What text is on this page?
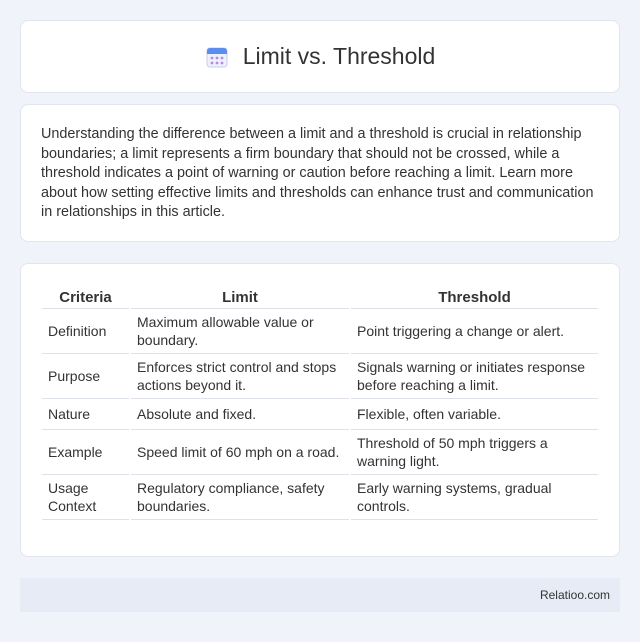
Limit vs. Threshold

Understanding the difference between a limit and a threshold is crucial in relationship boundaries; a limit represents a firm boundary that should not be crossed, while a threshold indicates a point of warning or caution before reaching a limit. Learn more about how setting effective limits and thresholds can enhance trust and communication in relationships in this article.

Criteria	Limit	Threshold
Definition	Maximum allowable value or boundary.	Point triggering a change or alert.
Purpose	Enforces strict control and stops actions beyond it.	Signals warning or initiates response before reaching a limit.
Nature	Absolute and fixed.	Flexible, often variable.
Example	Speed limit of 60 mph on a road.	Threshold of 50 mph triggers a warning light.
Usage Context	Regulatory compliance, safety boundaries.	Early warning systems, gradual controls.
Relatioo.com
